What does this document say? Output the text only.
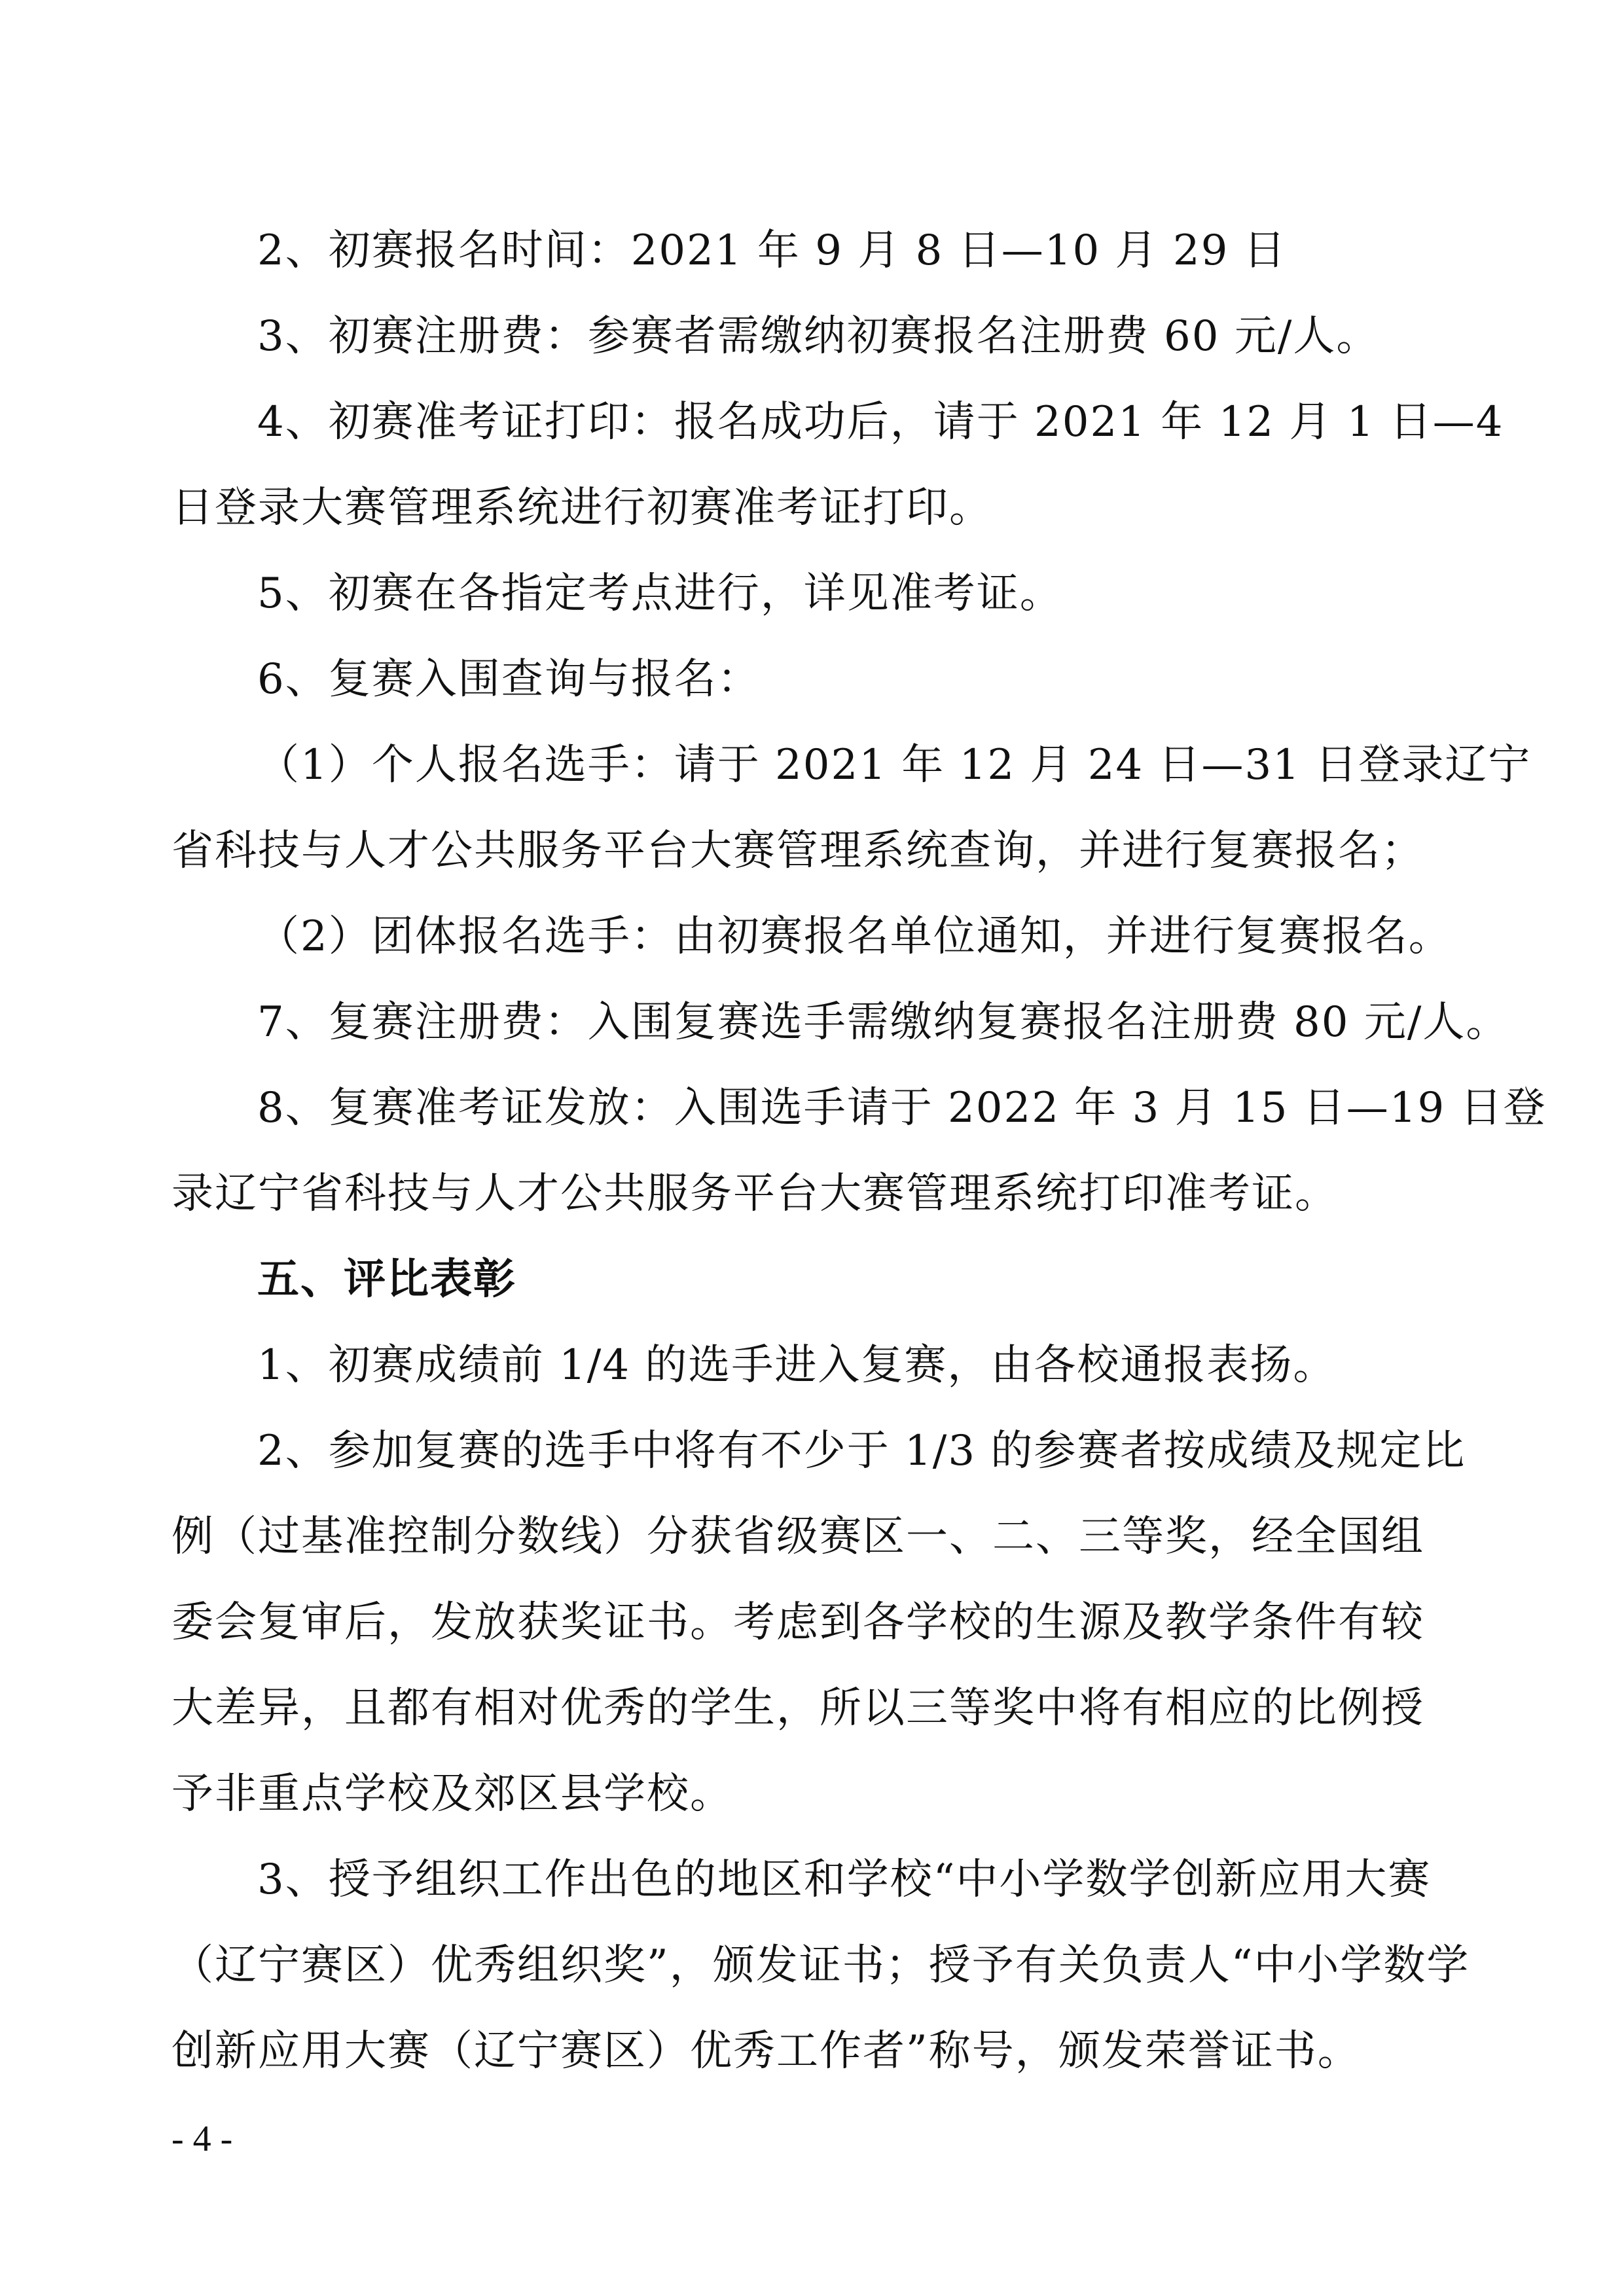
2、初赛报名时间：2021 年 9 月 8 日—10 月 29 日
3、初赛注册费：参赛者需缴纳初赛报名注册费 60 元/人。
4、初赛准考证打印：报名成功后，请于 2021 年 12 月 1 日—4
日登录大赛管理系统进行初赛准考证打印。
5、初赛在各指定考点进行，详见准考证。
6、复赛入围查询与报名：
（1）个人报名选手：请于 2021 年 12 月 24 日—31 日登录辽宁
省科技与人才公共服务平台大赛管理系统查询，并进行复赛报名；
（2）团体报名选手：由初赛报名单位通知，并进行复赛报名。
7、复赛注册费：入围复赛选手需缴纳复赛报名注册费 80 元/人。
8、复赛准考证发放：入围选手请于 2022 年 3 月 15 日—19 日登
录辽宁省科技与人才公共服务平台大赛管理系统打印准考证。
五、评比表彰
1、初赛成绩前 1/4 的选手进入复赛，由各校通报表扬。
2、参加复赛的选手中将有不少于 1/3 的参赛者按成绩及规定比
例（过基准控制分数线）分获省级赛区一、二、三等奖，经全国组
委会复审后，发放获奖证书。考虑到各学校的生源及教学条件有较
大差异，且都有相对优秀的学生，所以三等奖中将有相应的比例授
予非重点学校及郊区县学校。
3、授予组织工作出色的地区和学校“中小学数学创新应用大赛
（辽宁赛区）优秀组织奖”，颁发证书；授予有关负责人“中小学数学
创新应用大赛（辽宁赛区）优秀工作者”称号，颁发荣誉证书。
- 4 -
